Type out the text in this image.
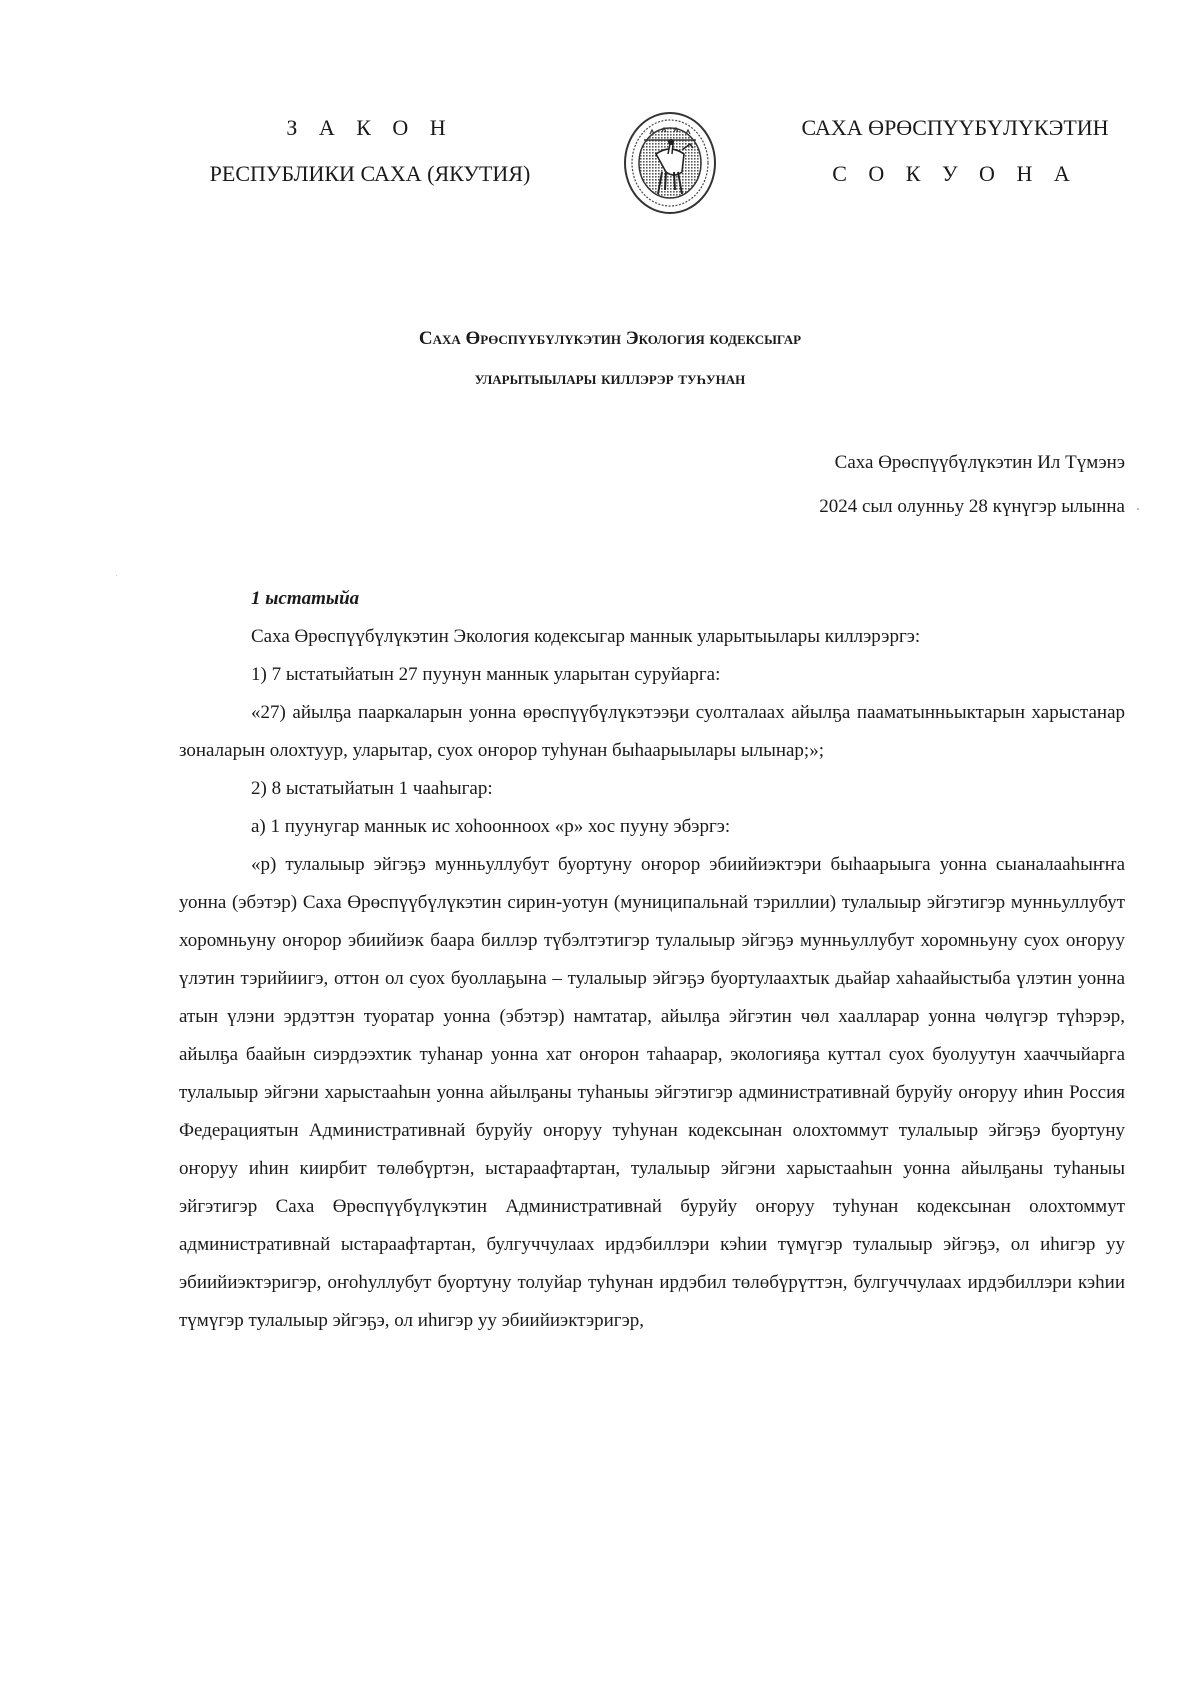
З А К О Н
РЕСПУБЛИКИ САХА (ЯКУТИЯ)
САХА ӨРӨСПҮҮБҮЛҮКЭТИН
С О К У О Н А
Саха Өрөспүүбүлүкэтин Экология кодексыгар
уларытыылары киллэрэр туһунан
Саха Өрөспүүбүлүкэтин Ил Түмэнэ
2024 сыл олунньу 28 күнүгэр ылынна

1 ыстатыйа

Саха Өрөспүүбүлүкэтин Экология кодексыгар маннык уларытыылары киллэрэргэ:

1) 7 ыстатыйатын 27 пуунун маннык уларытан суруйарга:

«27) айылҕа пааркаларын уонна өрөспүүбүлүкэтээҕи суолталаах айылҕа пааматынньыктарын харыстанар зоналарын олохтуур, уларытар, суох оҥорор туһунан быһаарыылары ылынар;»;

2) 8 ыстатыйатын 1 чааһыгар:

а) 1 пуунугар маннык ис хоһоонноох «р» хос пууну эбэргэ:

«р) тулалыыр эйгэҕэ мунньуллубут буортуну оҥорор эбиийиэктэри быһаарыыга уонна сыаналааһыҥҥа уонна (эбэтэр) Саха Өрөспүүбүлүкэтин сирин-уотун (муниципальнай тэриллии) тулалыыр эйгэтигэр мунньуллубут хоромньуну оҥорор эбиийиэк баара биллэр түбэлтэтигэр тулалыыр эйгэҕэ мунньуллубут хоромньуну суох оҥоруу үлэтин тэрийиигэ, оттон ол суох буоллаҕына – тулалыыр эйгэҕэ буортулаахтык дьайар хаһаайыстыба үлэтин уонна атын үлэни эрдэттэн туоратар уонна (эбэтэр) намтатар, айылҕа эйгэтин чөл хаалларар уонна чөлүгэр түһэрэр, айылҕа баайын сиэрдээхтик туһанар уонна хат оҥорон таһаарар, экологияҕа куттал суох буолуутун хааччыйарга тулалыыр эйгэни харыстааһын уонна айылҕаны туһаныы эйгэтигэр административнай буруйу оҥоруу иһин Россия Федерациятын Административнай буруйу оҥоруу туһунан кодексынан олохтоммут тулалыыр эйгэҕэ буортуну оҥоруу иһин киирбит төлөбүртэн, ыстараафтартан, тулалыыр эйгэни харыстааһын уонна айылҕаны туһаныы эйгэтигэр Саха Өрөспүүбүлүкэтин Административнай буруйу оҥоруу туһунан кодексынан олохтоммут административнай ыстараафтартан, булгуччулаах ирдэбиллэри кэһии түмүгэр тулалыыр эйгэҕэ, ол иһигэр уу эбиийиэктэригэр, оҥоһуллубут буортуну толуйар туһунан ирдэбил төлөбүрүттэн, булгуччулаах ирдэбиллэри кэһии түмүгэр тулалыыр эйгэҕэ, ол иһигэр уу эбиийиэктэригэр,
